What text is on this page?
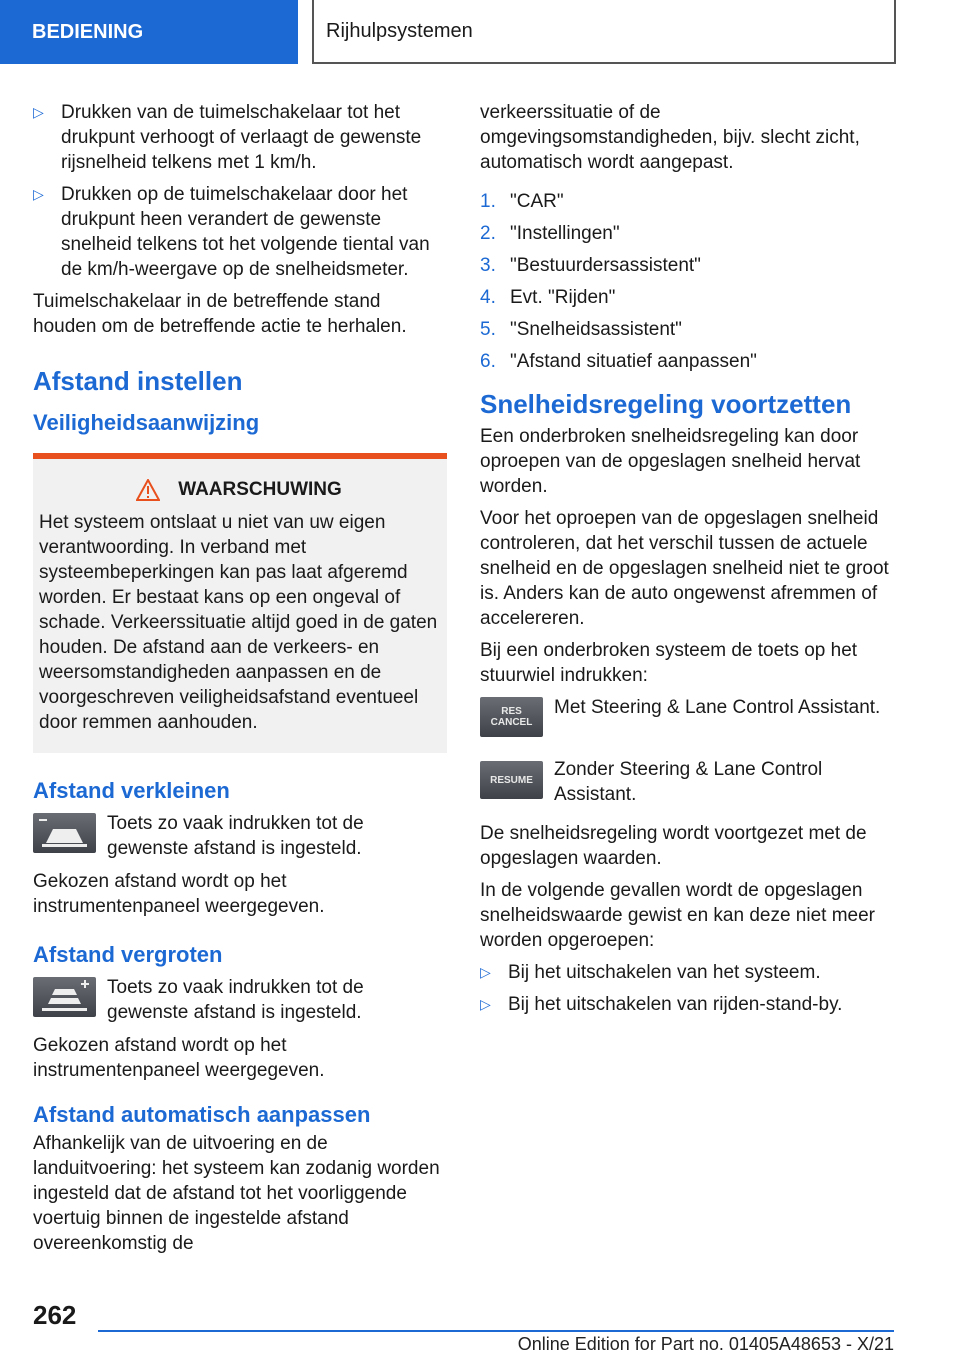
BEDIENING	Rijhulpsystemen
▷ Drukken van de tuimelschakelaar tot het drukpunt verhoogt of verlaagt de gewenste rijsnelheid telkens met 1 km/h.
▷ Drukken op de tuimelschakelaar door het drukpunt heen verandert de gewenste snelheid telkens tot het volgende tiental van de km/h-weergave op de snelheidsmeter.

Tuimelschakelaar in de betreffende stand houden om de betreffende actie te herhalen.

Afstand instellen
Veiligheidsaanwijzing
WAARSCHUWING
Het systeem ontslaat u niet van uw eigen verantwoording. In verband met systeembeperkingen kan pas laat afgeremd worden. Er bestaat kans op een ongeval of schade. Verkeerssituatie altijd goed in de gaten houden. De afstand aan de verkeers- en weersomstandigheden aanpassen en de voorgeschreven veiligheidsafstand eventueel door remmen aanhouden.
Afstand verkleinen
Toets zo vaak indrukken tot de gewenste afstand is ingesteld.

Gekozen afstand wordt op het instrumentenpaneel weergegeven.

Afstand vergroten
Toets zo vaak indrukken tot de gewenste afstand is ingesteld.

Gekozen afstand wordt op het instrumentenpaneel weergegeven.

Afstand automatisch aanpassen

Afhankelijk van de uitvoering en de landuitvoering: het systeem kan zodanig worden ingesteld dat de afstand tot het voorliggende voertuig binnen de ingestelde afstand overeenkomstig de

verkeerssituatie of de omgevingsomstandigheden, bijv. slecht zicht, automatisch wordt aangepast.

1. "CAR"
2. "Instellingen"
3. "Bestuurdersassistent"
4. Evt. "Rijden"
5. "Snelheidsassistent"
6. "Afstand situatief aanpassen"
Snelheidsregeling voortzetten

Een onderbroken snelheidsregeling kan door oproepen van de opgeslagen snelheid hervat worden.

Voor het oproepen van de opgeslagen snelheid controleren, dat het verschil tussen de actuele snelheid en de opgeslagen snelheid niet te groot is. Anders kan de auto ongewenst afremmen of accelereren.

Bij een onderbroken systeem de toets op het stuurwiel indrukken:

RES
CANCEL
Met Steering & Lane Control Assistant.
RESUME Zonder Steering & Lane Control Assistant.

De snelheidsregeling wordt voortgezet met de opgeslagen waarden.

In de volgende gevallen wordt de opgeslagen snelheidswaarde gewist en kan deze niet meer worden opgeroepen:

▷ Bij het uitschakelen van het systeem.
▷ Bij het uitschakelen van rijden-stand-by.
262
Online Edition for Part no. 01405A48653 - X/21
